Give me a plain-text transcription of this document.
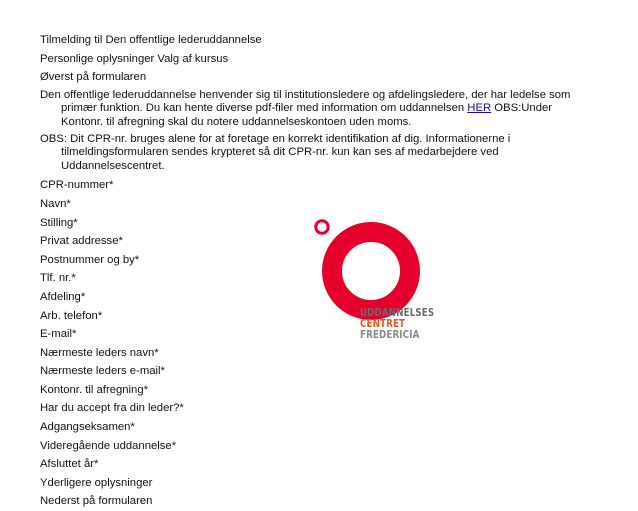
Tilmelding til Den offentlige lederuddannelse
Personlige oplysninger Valg af kursus
Øverst på formularen
Den offentlige lederuddannelse henvender sig til institutionsledere og afdelingsledere, der har ledelse som primær funktion. Du kan hente diverse pdf-filer med information om uddannelsen HER OBS:Under Kontonr. til afregning skal du notere uddannelseskontoen uden moms.
OBS: Dit CPR-nr. bruges alene for at foretage en korrekt identifikation af dig. Informationerne i tilmeldingsformularen sendes krypteret så dit CPR-nr. kun kan ses af medarbejdere ved Uddannelsescentret.
CPR-nummer*
Navn*
Stilling*
Privat addresse*
Postnummer og by*
Tlf. nr.*
Afdeling*
Arb. telefon*
E-mail*
Nærmeste leders navn*
Nærmeste leders e-mail*
Kontonr. til afregning*
Har du accept fra din leder?*
Adgangseksamen*
Videregående uddannelse*
Afsluttet år*
Yderligere oplysninger
Nederst på formularen
UDDANNELSES
CENTRET
FREDERICIA
